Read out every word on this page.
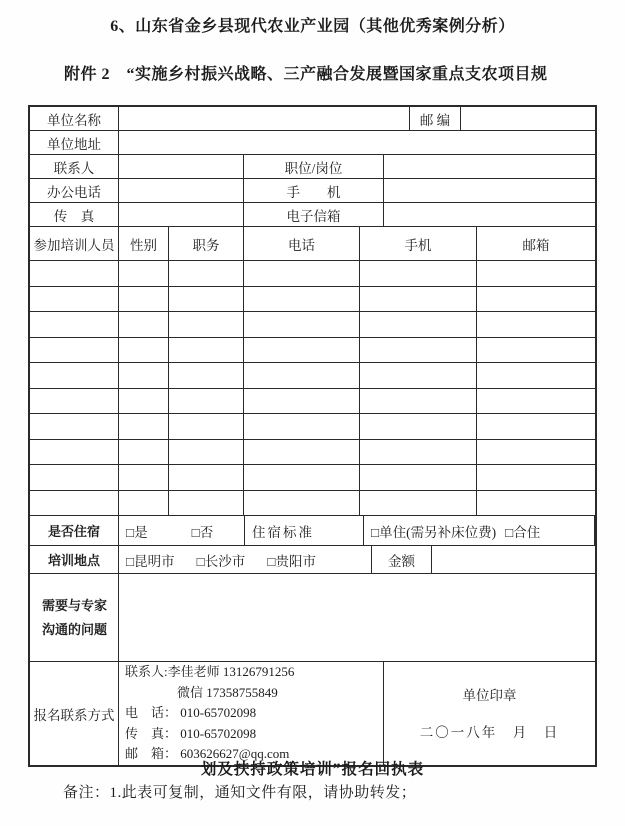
6、山东省金乡县现代农业产业园（其他优秀案例分析）
附件 2　“实施乡村振兴战略、三产融合发展暨国家重点支农项目规
单位名称	邮 编
单位地址
联系人	职位/岗位
办公电话	手　　机
传　真	电子信箱
参加培训人员	性别	职务	电话	手机	邮箱
是否住宿	□是	□否	住宿标准	□单住(需另补床位费) □合住
培训地点	□昆明市 □长沙市 □贵阳市	金额
需要与专家
沟通的问题
报名联系方式
联系人:李佳老师 13126791256
　　　　微信 17358755849
电　话： 010-65702098
传　真： 010-65702098
邮　箱： 603626627@qq.com
单位印章
二〇一八年　月　日
划及扶持政策培训”报名回执表
备注：1.此表可复制，通知文件有限，请协助转发；
